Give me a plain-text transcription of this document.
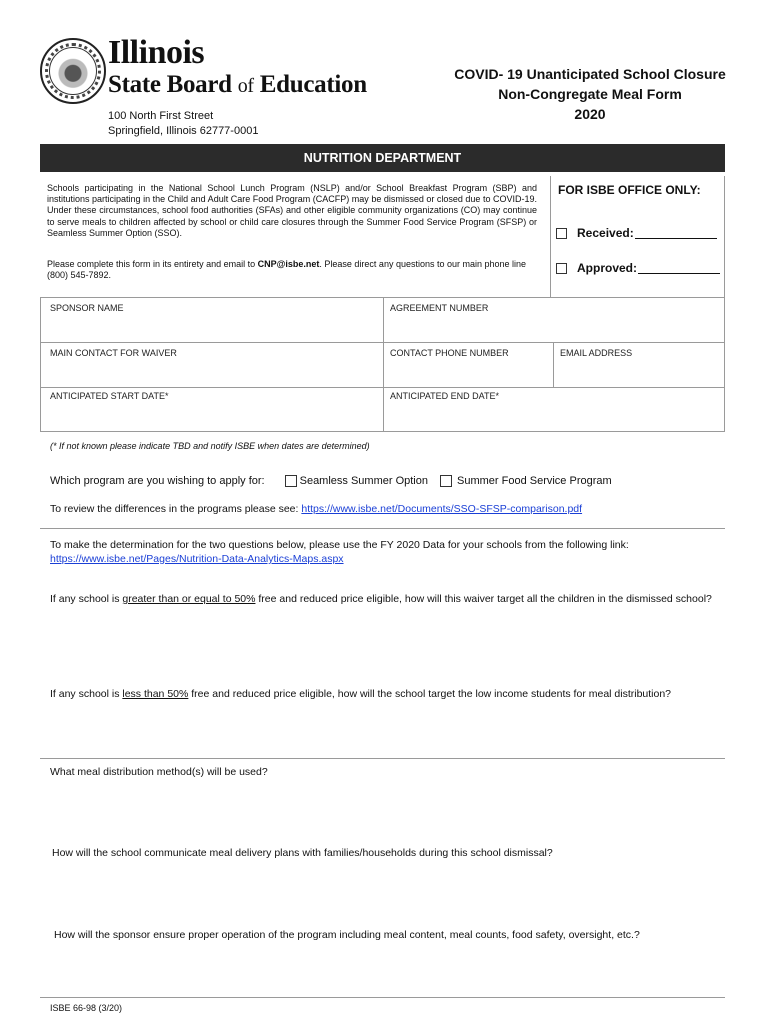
Illinois
State Board of Education
100 North First Street
Springfield, Illinois 62777-0001
COVID- 19 Unanticipated School Closure
Non-Congregate Meal Form
2020
NUTRITION DEPARTMENT
Schools participating in the National School Lunch Program (NSLP) and/or School Breakfast Program (SBP) and institutions participating in the Child and Adult Care Food Program (CACFP) may be dismissed or closed due to COVID-19. Under these circumstances, school food authorities (SFAs) and other eligible community organizations (CO) may continue to serve meals to children affected by school or child care closures through the Summer Food Service Program (SFSP) or Seamless Summer Option (SSO).
Please complete this form in its entirety and email to CNP@isbe.net. Please direct any questions to our main phone line (800) 545-7892.
FOR ISBE OFFICE ONLY:
Received:
Approved:
SPONSOR NAME	AGREEMENT NUMBER
MAIN CONTACT FOR WAIVER	CONTACT PHONE NUMBER	EMAIL ADDRESS
ANTICIPATED START DATE*	ANTICIPATED END DATE*
(* If not known please indicate TBD and notify ISBE when dates are determined)
Which program are you wishing to apply for:	Seamless Summer Option	Summer Food Service Program
To review the differences in the programs please see: https://www.isbe.net/Documents/SSO-SFSP-comparison.pdf
To make the determination for the two questions below, please use the FY 2020 Data for your schools from the following link: https://www.isbe.net/Pages/Nutrition-Data-Analytics-Maps.aspx
If any school is greater than or equal to 50% free and reduced price eligible, how will this waiver target all the children in the dismissed school?
If any school is less than 50% free and reduced price eligible, how will the school target the low income students for meal distribution?
What meal distribution method(s) will be used?
How will the school communicate meal delivery plans with families/households during this school dismissal?
How will the sponsor ensure proper operation of the program including meal content, meal counts, food safety, oversight, etc.?
ISBE 66-98 (3/20)
